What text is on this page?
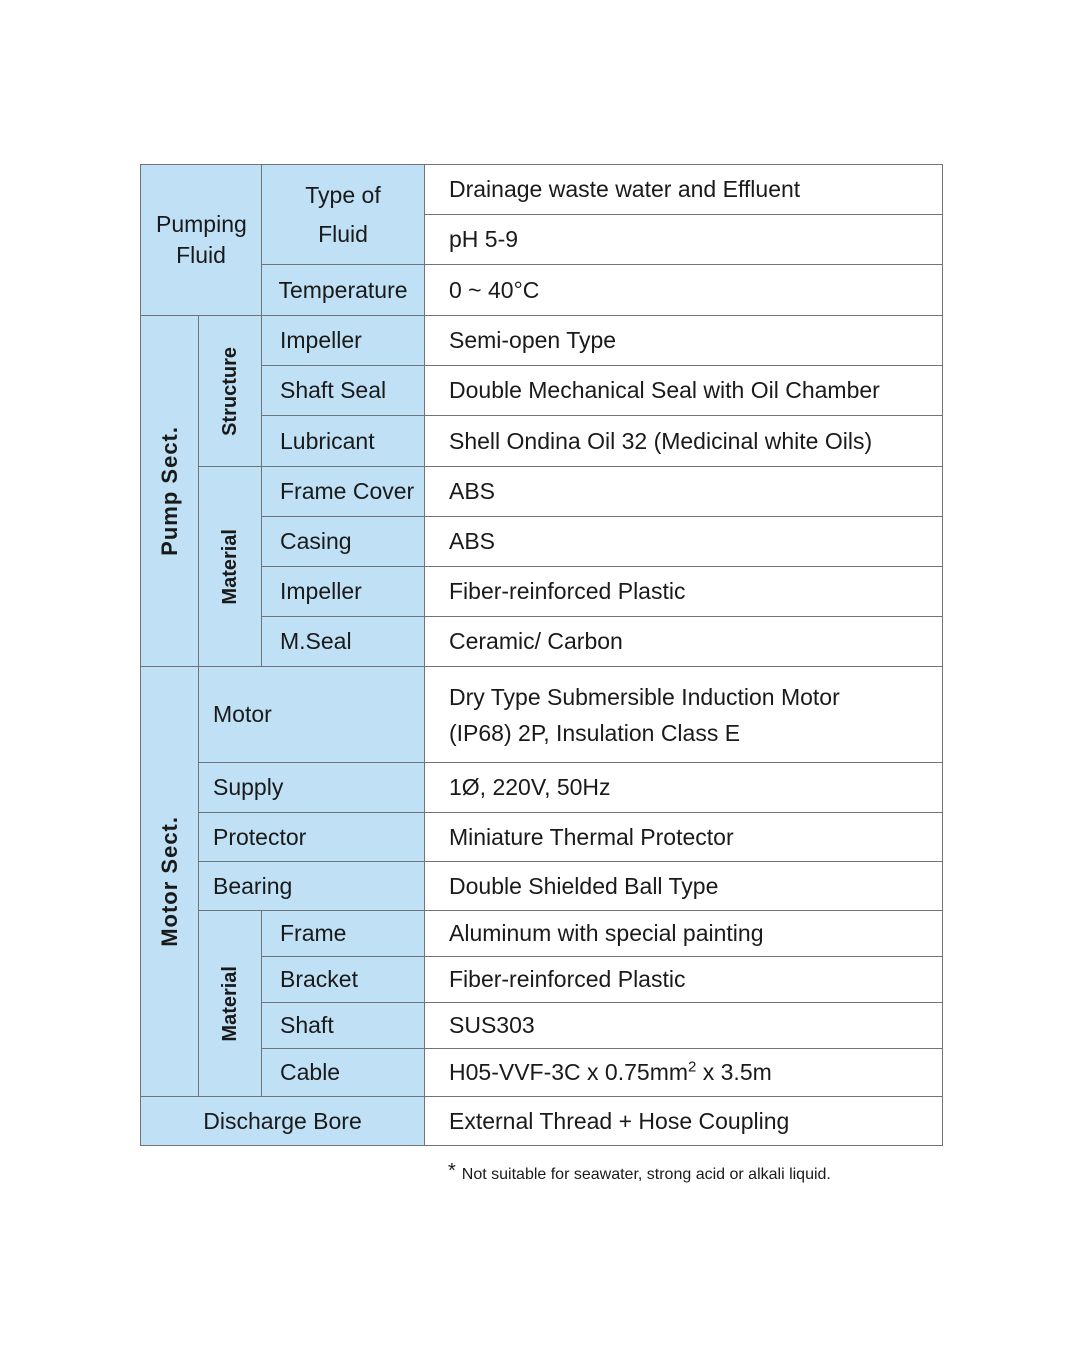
Pumping Fluid		Type of Fluid	Drainage waste water and Effluent
			pH 5-9
		Temperature	0 ~ 40°C

Pump Sect.	Structure	Impeller	Semi-open Type
		Shaft Seal	Double Mechanical Seal with Oil Chamber
		Lubricant	Shell Ondina Oil 32 (Medicinal white Oils)

	Material	Frame Cover	ABS
		Casing	ABS
		Impeller	Fiber-reinforced Plastic
		M.Seal	Ceramic/ Carbon

Motor Sect.	Motor		Dry Type Submersible Induction Motor
(IP68) 2P, Insulation Class E

	Supply		1Ø, 220V, 50Hz
	Protector		Miniature Thermal Protector
	Bearing		Double Shielded Ball Type

	Material	Frame	Aluminum with special painting
		Bracket	Fiber-reinforced Plastic
		Shaft	SUS303
		Cable	H05-VVF-3C x $0.75mm^2$ x 3.5m
Discharge Bore			External Thread + Hose Coupling
* Not suitable for seawater, strong acid or alkali liquid.
